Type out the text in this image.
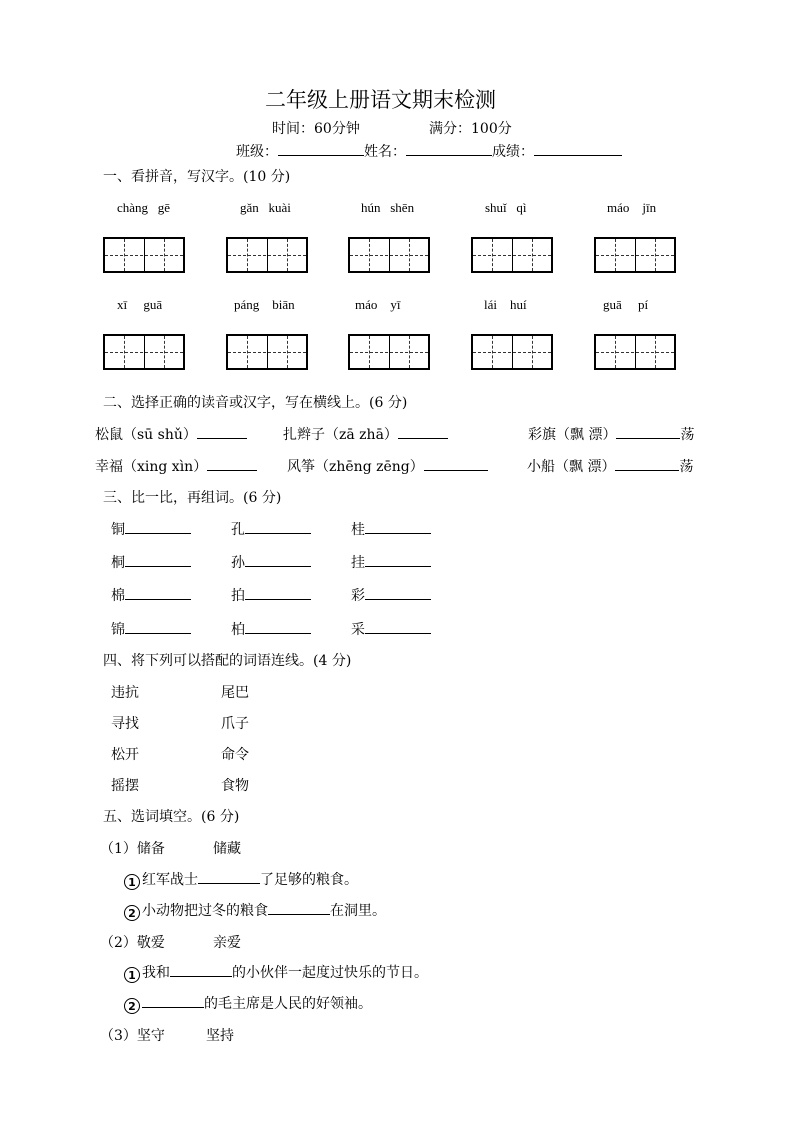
二年级上册语文期末检测
时间：60分钟	满分：100分
班级：	姓名：	成绩：
一、看拼音，写汉字。(10 分)
chàng gē	gǎn kuài	hún shēn	shuǐ qì	máo jīn
xī guā	páng biān	máo yī	lái huí	guā pí
二、选择正确的读音或汉字，写在横线上。(6 分)
松鼠（sū shǔ）	扎辫子（zā zhā）	彩旗（飘 漂）	荡
幸福（xing xìn）	风筝（zhēng zēng）	小船（飘 漂）	荡
三、比一比，再组词。(6 分)
铜	孔	桂
桐	孙	挂
棉	拍	彩
锦	柏	采
四、将下列可以搭配的词语连线。(4 分)
违抗	尾巴
寻找	爪子
松开	命令
摇摆	食物
五、选词填空。(6 分)
（1）储备	储藏
1 红军战士	了足够的粮食。
2 小动物把过冬的粮食	在洞里。
（2）敬爱	亲爱
1 我和	的小伙伴一起度过快乐的节日。
2	的毛主席是人民的好领袖。
（3）坚守	坚持
